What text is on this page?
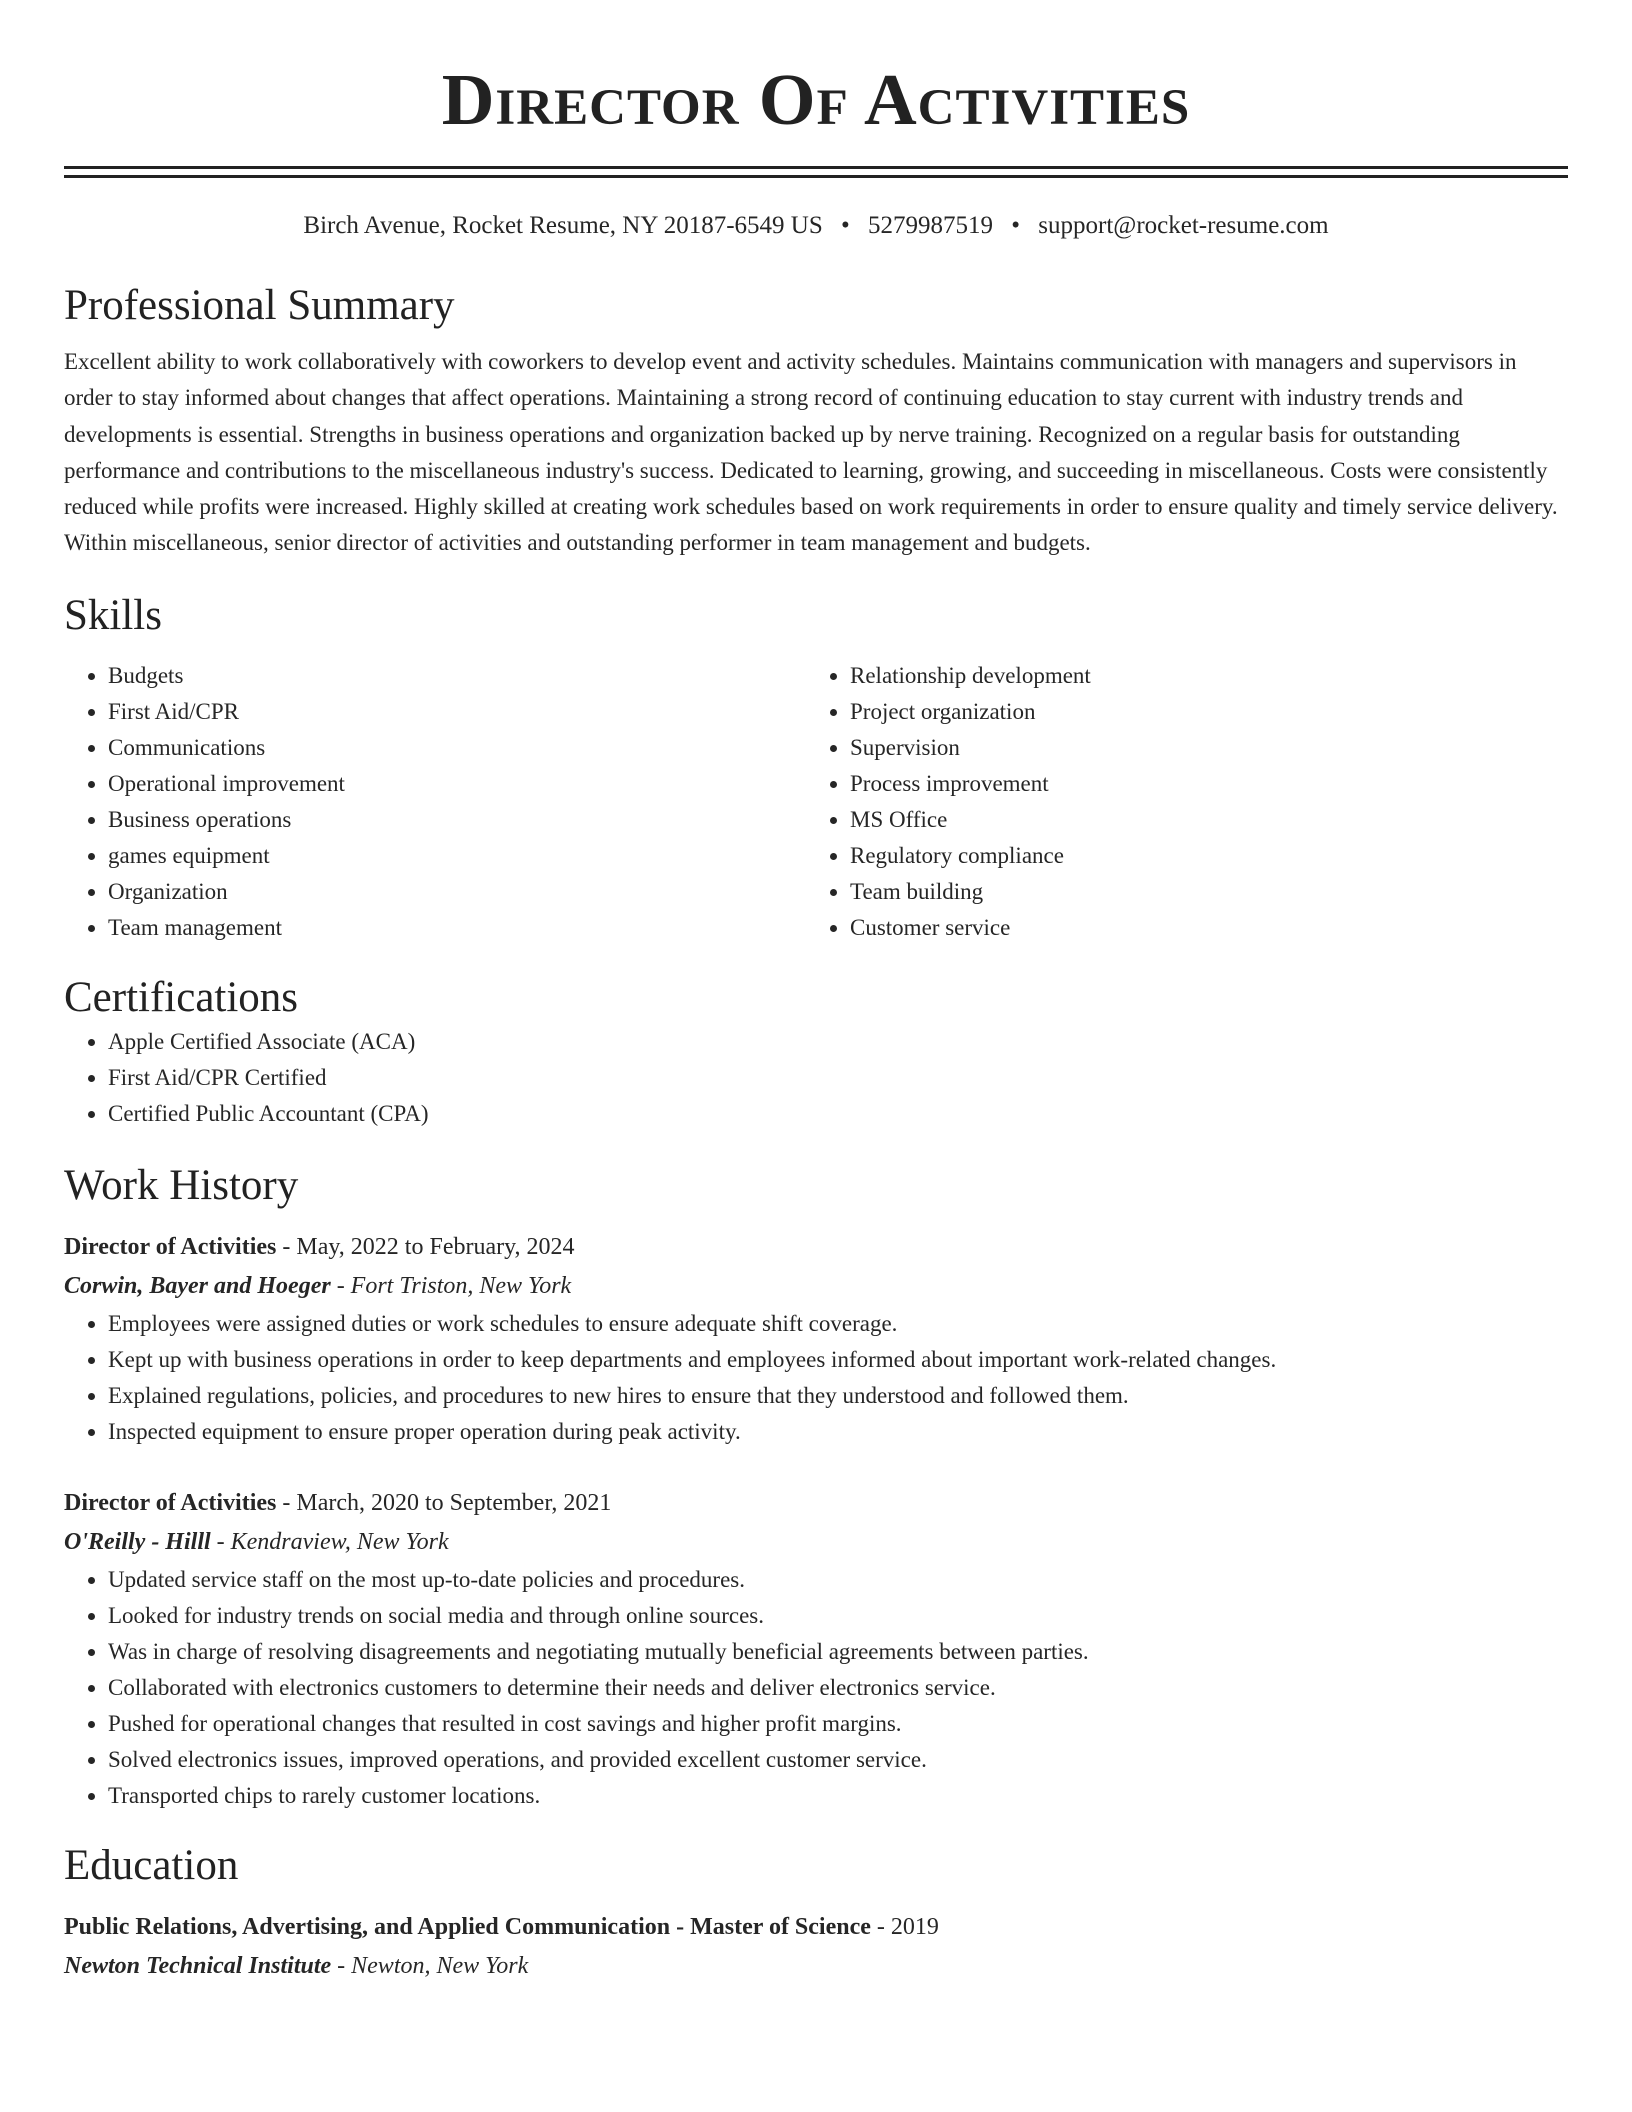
Director Of Activities
Birch Avenue, Rocket Resume, NY 20187-6549 US • 5279987519 • support@rocket-resume.com
Professional Summary

Excellent ability to work collaboratively with coworkers to develop event and activity schedules. Maintains communication with managers and supervisors in order to stay informed about changes that affect operations. Maintaining a strong record of continuing education to stay current with industry trends and developments is essential. Strengths in business operations and organization backed up by nerve training. Recognized on a regular basis for outstanding performance and contributions to the miscellaneous industry's success. Dedicated to learning, growing, and succeeding in miscellaneous. Costs were consistently reduced while profits were increased. Highly skilled at creating work schedules based on work requirements in order to ensure quality and timely service delivery. Within miscellaneous, senior director of activities and outstanding performer in team management and budgets.

Skills
• Budgets
• First Aid/CPR
• Communications
• Operational improvement
• Business operations
• games equipment
• Organization
• Team management
• Relationship development
• Project organization
• Supervision
• Process improvement
• MS Office
• Regulatory compliance
• Team building
• Customer service
Certifications
• Apple Certified Associate (ACA)
• First Aid/CPR Certified
• Certified Public Accountant (CPA)
Work History
Director of Activities - May, 2022 to February, 2024
Corwin, Bayer and Hoeger - Fort Triston, New York
• Employees were assigned duties or work schedules to ensure adequate shift coverage.
• Kept up with business operations in order to keep departments and employees informed about important work-related changes.
• Explained regulations, policies, and procedures to new hires to ensure that they understood and followed them.
• Inspected equipment to ensure proper operation during peak activity.
Director of Activities - March, 2020 to September, 2021
O'Reilly - Hilll - Kendraview, New York
• Updated service staff on the most up-to-date policies and procedures.
• Looked for industry trends on social media and through online sources.
• Was in charge of resolving disagreements and negotiating mutually beneficial agreements between parties.
• Collaborated with electronics customers to determine their needs and deliver electronics service.
• Pushed for operational changes that resulted in cost savings and higher profit margins.
• Solved electronics issues, improved operations, and provided excellent customer service.
• Transported chips to rarely customer locations.
Education
Public Relations, Advertising, and Applied Communication - Master of Science - 2019
Newton Technical Institute - Newton, New York
